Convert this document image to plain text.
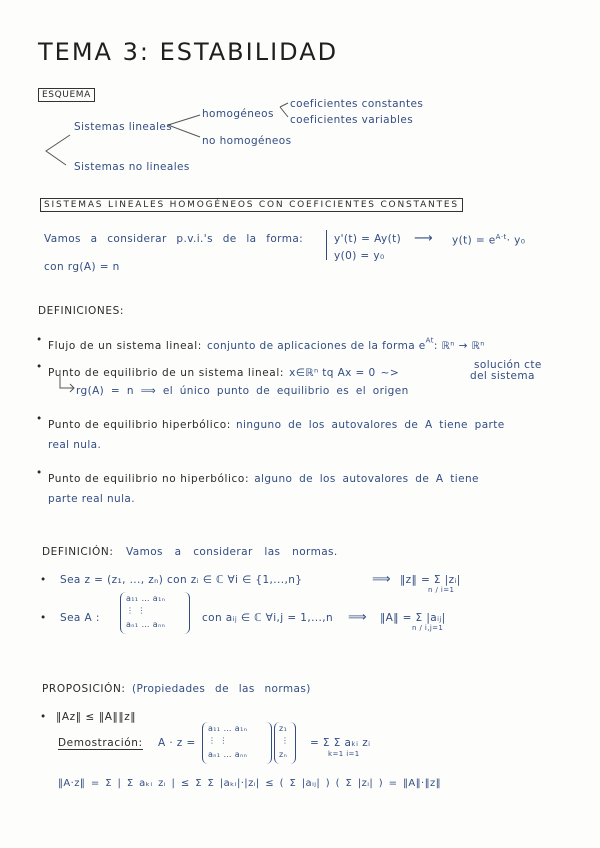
TEMA 3: ESTABILIDAD
ESQUEMA
Sistemas lineales
homogéneos
coeficientes constantes
coeficientes variables
no homogéneos
Sistemas no lineales
SISTEMAS LINEALES HOMOGÉNEOS CON COEFICIENTES CONSTANTES
Vamos a considerar p.v.i.'s de la forma:
con rg(A) = n
y'(t) = Ay(t)
y(0) = y₀
⟶ $y(t) = e^{A\cdot t}\cdot y_0$
DEFINICIONES:
• Flujo de un sistema lineal: conjunto de aplicaciones de la forma $e^{At}$: ℝⁿ → ℝⁿ
• Punto de equilibrio de un sistema lineal: x∈ℝⁿ tq Ax = 0 ~>
solución cte
del sistema
rg(A) = n ⟹ el único punto de equilibrio es el origen
• Punto de equilibrio hiperbólico: ninguno de los autovalores de A tiene parte
real nula.
• Punto de equilibrio no hiperbólico: alguno de los autovalores de A tiene
parte real nula.
DEFINICIÓN: Vamos a considerar las normas.
• Sea z = (z₁, ..., zₙ) con zᵢ ∈ ℂ ∀i ∈ {1,...,n}	⟹ ‖z‖ = Σ |zᵢ|
n / i=1
• Sea A :
a₁₁ … a₁ₙ
⋮ ⋮
aₙ₁ … aₙₙ
con aᵢⱼ ∈ ℂ ∀i,j = 1,...,n ⟹ ‖A‖ = Σ |aᵢⱼ|
n / i,j=1
PROPOSICIÓN: (Propiedades de las normas)
• ‖Az‖ ≤ ‖A‖‖z‖
Demostración: A · z =
a₁₁ … a₁ₙ
⋮ ⋮
aₙ₁ … aₙₙ
z₁
⋮
zₙ
= Σ Σ aₖᵢ zᵢ
k=1 i=1
‖A·z‖ = Σ | Σ aₖᵢ zᵢ | ≤ Σ Σ |aₖᵢ|·|zᵢ| ≤ ( Σ |aᵢⱼ| ) ( Σ |zᵢ| ) = ‖A‖·‖z‖
